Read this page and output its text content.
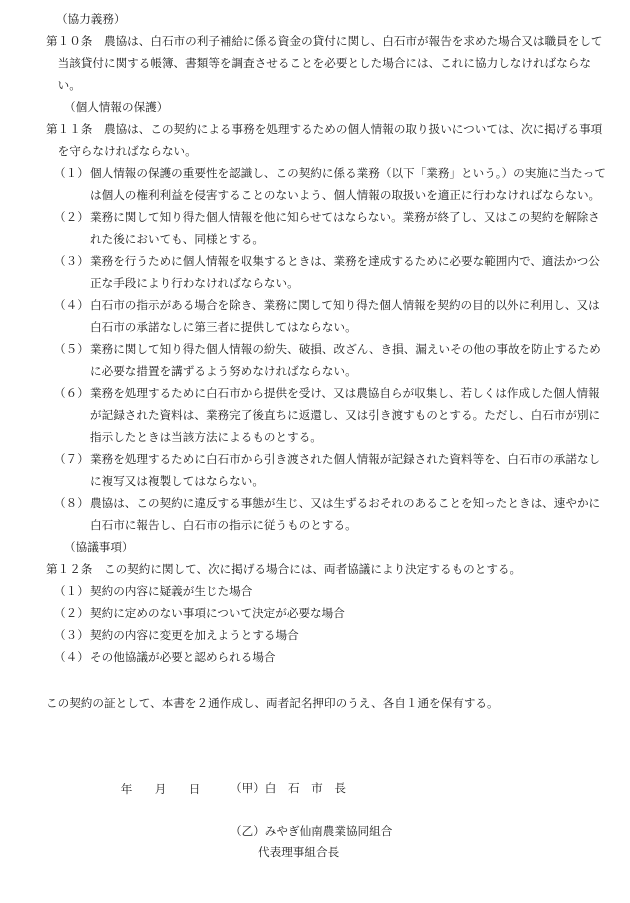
（協力義務）
第１０条　農協は、白石市の利子補給に係る資金の貸付に関し、白石市が報告を求めた場合又は職員をして当該貸付に関する帳簿、書類等を調査させることを必要とした場合には、これに協力しなければならない。
（個人情報の保護）
第１１条　農協は、この契約による事務を処理するための個人情報の取り扱いについては、次に掲げる事項を守らなければならない。
（１） 個人情報の保護の重要性を認識し、この契約に係る業務（以下「業務」という。）の実施に当たっては個人の権利利益を侵害することのないよう、個人情報の取扱いを適正に行わなければならない。
（２） 業務に関して知り得た個人情報を他に知らせてはならない。業務が終了し、又はこの契約を解除された後においても、同様とする。
（３） 業務を行うために個人情報を収集するときは、業務を達成するために必要な範囲内で、適法かつ公正な手段により行わなければならない。
（４） 白石市の指示がある場合を除き、業務に関して知り得た個人情報を契約の目的以外に利用し、又は白石市の承諾なしに第三者に提供してはならない。
（５） 業務に関して知り得た個人情報の紛失、破損、改ざん、き損、漏えいその他の事故を防止するために必要な措置を講ずるよう努めなければならない。
（６） 業務を処理するために白石市から提供を受け、又は農協自らが収集し、若しくは作成した個人情報が記録された資料は、業務完了後直ちに返還し、又は引き渡すものとする。ただし、白石市が別に指示したときは当該方法によるものとする。
（７） 業務を処理するために白石市から引き渡された個人情報が記録された資料等を、白石市の承諾なしに複写又は複製してはならない。
（８） 農協は、この契約に違反する事態が生じ、又は生ずるおそれのあることを知ったときは、速やかに白石市に報告し、白石市の指示に従うものとする。
（協議事項）
第１２条　この契約に関して、次に掲げる場合には、両者協議により決定するものとする。
（１） 契約の内容に疑義が生じた場合
（２） 契約に定めのない事項について決定が必要な場合
（３） 契約の内容に変更を加えようとする場合
（４） その他協議が必要と認められる場合
この契約の証として、本書を２通作成し、両者記名押印のうえ、各自１通を保有する。

年 月 日
	（甲）白　石　市　長
（乙）みやぎ仙南農業協同組合
代表理事組合長
